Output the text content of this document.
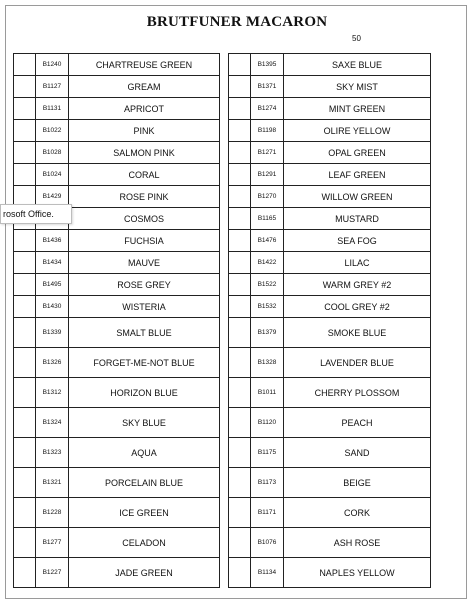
BRUTFUNER MACARON
50
	B1240	CHARTREUSE GREEN
	B1127	GREAM
	B1131	APRICOT
	B1022	PINK
	B1028	SALMON PINK
	B1024	CORAL
	B1429	ROSE PINK
		COSMOS
	B1436	FUCHSIA
	B1434	MAUVE
	B1495	ROSE GREY
	B1430	WISTERIA
	B1339	SMALT BLUE
	B1326	FORGET-ME-NOT BLUE
	B1312	HORIZON BLUE
	B1324	SKY BLUE
	B1323	AQUA
	B1321	PORCELAIN BLUE
	B1228	ICE GREEN
	B1277	CELADON
	B1227	JADE GREEN
	B1395	SAXE BLUE
	B1371	SKY MIST
	B1274	MINT GREEN
	B1198	OLIRE YELLOW
	B1271	OPAL GREEN
	B1291	LEAF GREEN
	B1270	WILLOW GREEN
	B1165	MUSTARD
	B1476	SEA FOG
	B1422	LILAC
	B1522	WARM GREY #2
	B1532	COOL GREY #2
	B1379	SMOKE BLUE
	B1328	LAVENDER BLUE
	B1011	CHERRY PLOSSOM
	B1120	PEACH
	B1175	SAND
	B1173	BEIGE
	B1171	CORK
	B1076	ASH ROSE
	B1134	NAPLES YELLOW
rosoft Office.
